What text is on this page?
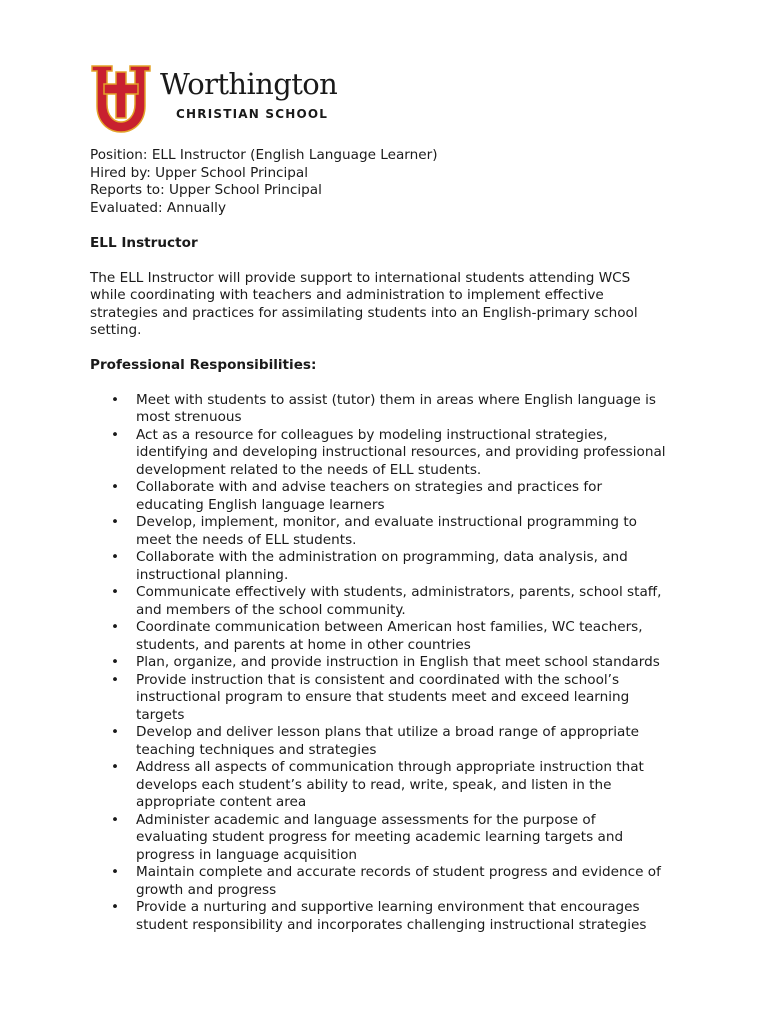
Worthington
CHRISTIAN SCHOOL

Position: ELL Instructor (English Language Learner)

Hired by: Upper School Principal

Reports to: Upper School Principal

Evaluated: Annually

ELL Instructor

The ELL Instructor will provide support to international students attending WCS
while coordinating with teachers and administration to implement effective
strategies and practices for assimilating students into an English-primary school
setting.

Professional Responsibilities:

• Meet with students to assist (tutor) them in areas where English language is
most strenuous
• Act as a resource for colleagues by modeling instructional strategies,
identifying and developing instructional resources, and providing professional
development related to the needs of ELL students.
• Collaborate with and advise teachers on strategies and practices for
educating English language learners
• Develop, implement, monitor, and evaluate instructional programming to
meet the needs of ELL students.
• Collaborate with the administration on programming, data analysis, and
instructional planning.
• Communicate effectively with students, administrators, parents, school staff,
and members of the school community.
• Coordinate communication between American host families, WC teachers,
students, and parents at home in other countries
• Plan, organize, and provide instruction in English that meet school standards
• Provide instruction that is consistent and coordinated with the school’s
instructional program to ensure that students meet and exceed learning
targets
• Develop and deliver lesson plans that utilize a broad range of appropriate
teaching techniques and strategies
• Address all aspects of communication through appropriate instruction that
develops each student’s ability to read, write, speak, and listen in the
appropriate content area
• Administer academic and language assessments for the purpose of
evaluating student progress for meeting academic learning targets and
progress in language acquisition
• Maintain complete and accurate records of student progress and evidence of
growth and progress
• Provide a nurturing and supportive learning environment that encourages
student responsibility and incorporates challenging instructional strategies
